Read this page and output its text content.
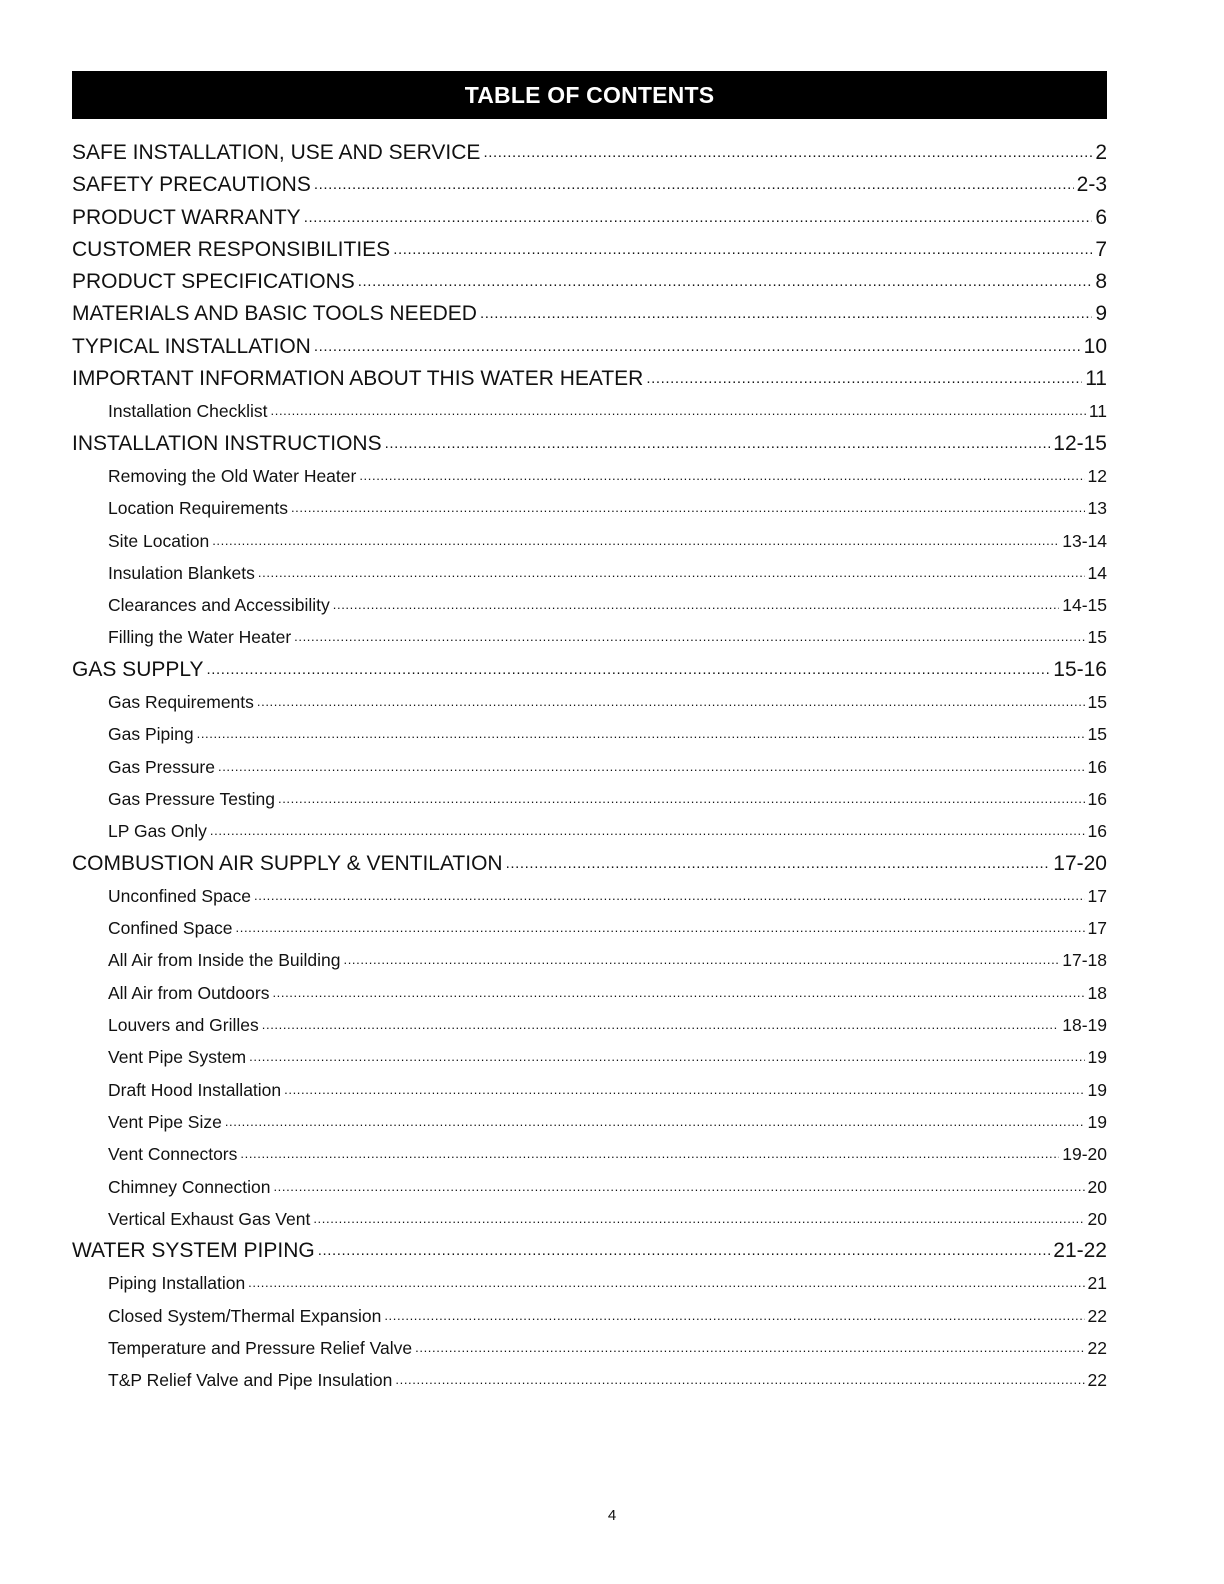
TABLE OF CONTENTS
SAFE INSTALLATION, USE AND SERVICE .....	2
SAFETY PRECAUTIONS .....	2-3
PRODUCT WARRANTY .....	6
CUSTOMER RESPONSIBILITIES .....	7
PRODUCT SPECIFICATIONS .....	8
MATERIALS AND BASIC TOOLS NEEDED .....	9
TYPICAL INSTALLATION .....	10
IMPORTANT INFORMATION ABOUT THIS WATER HEATER .....	11
Installation Checklist .....	11
INSTALLATION INSTRUCTIONS .....	12-15
Removing the Old Water Heater .....	12
Location Requirements .....	13
Site Location .....	13-14
Insulation Blankets .....	14
Clearances and Accessibility .....	14-15
Filling the Water Heater .....	15
GAS SUPPLY .....	15-16
Gas Requirements .....	15
Gas Piping .....	15
Gas Pressure .....	16
Gas Pressure Testing .....	16
LP Gas Only .....	16
COMBUSTION AIR SUPPLY & VENTILATION .....	17-20
Unconfined Space .....	17
Confined Space .....	17
All Air from Inside the Building .....	17-18
All Air from Outdoors .....	18
Louvers and Grilles .....	18-19
Vent Pipe System .....	19
Draft Hood Installation .....	19
Vent Pipe Size .....	19
Vent Connectors .....	19-20
Chimney Connection .....	20
Vertical Exhaust Gas Vent .....	20
WATER SYSTEM PIPING .....	21-22
Piping Installation .....	21
Closed System/Thermal Expansion .....	22
Temperature and Pressure Relief Valve .....	22
T&P Relief Valve and Pipe Insulation .....	22
4
